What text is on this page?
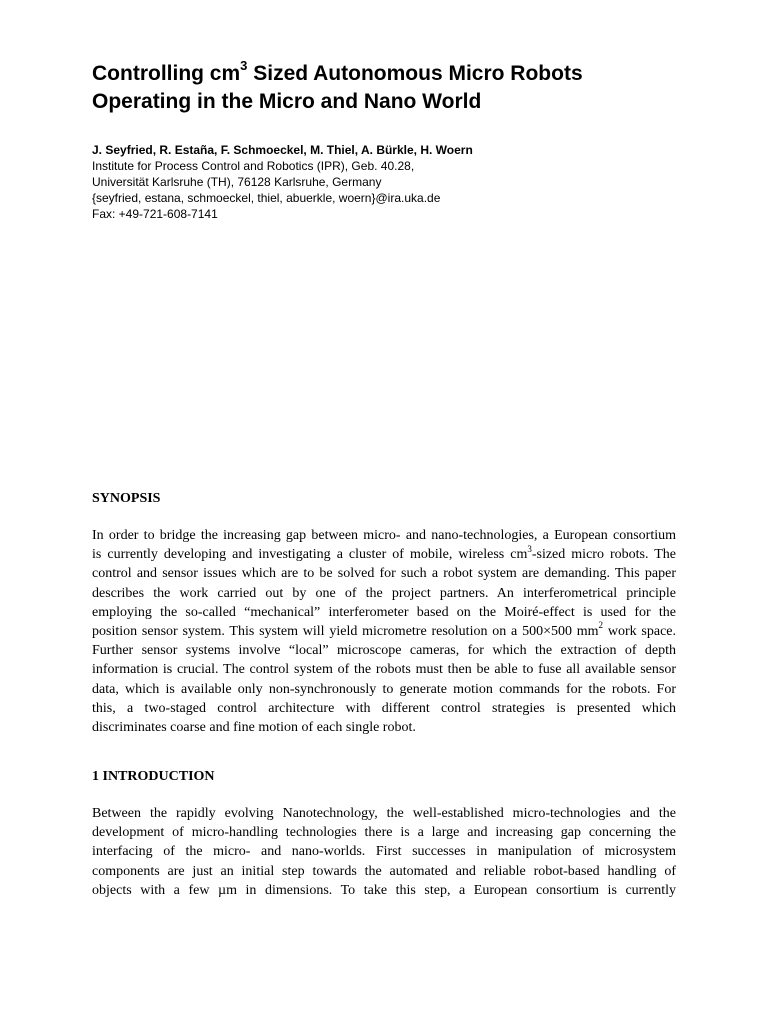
Controlling $cm^3$ Sized Autonomous Micro Robots
Operating in the Micro and Nano World
J. Seyfried, R. Estaña, F. Schmoeckel, M. Thiel, A. Bürkle, H. Woern
Institute for Process Control and Robotics (IPR), Geb. 40.28,
Universität Karlsruhe (TH), 76128 Karlsruhe, Germany
{seyfried, estana, schmoeckel, thiel, abuerkle, woern}@ira.uka.de
Fax: +49-721-608-7141
SYNOPSIS
In order to bridge the increasing gap between micro- and nano-technologies, a European consortium
is currently developing and investigating a cluster of mobile, wireless $cm^3$-sized micro robots. The
control and sensor issues which are to be solved for such a robot system are demanding. This paper
describes the work carried out by one of the project partners. An interferometrical principle
employing the so-called “mechanical” interferometer based on the Moiré-effect is used for the
position sensor system. This system will yield micrometre resolution on a 500×500 $mm^2$ work space.
Further sensor systems involve “local” microscope cameras, for which the extraction of depth
information is crucial. The control system of the robots must then be able to fuse all available sensor
data, which is available only non-synchronously to generate motion commands for the robots. For
this, a two-staged control architecture with different control strategies is presented which
discriminates coarse and fine motion of each single robot.
1 INTRODUCTION
Between the rapidly evolving Nanotechnology, the well-established micro-technologies and the
development of micro-handling technologies there is a large and increasing gap concerning the
interfacing of the micro- and nano-worlds. First successes in manipulation of microsystem
components are just an initial step towards the automated and reliable robot-based handling of
objects with a few µm in dimensions. To take this step, a European consortium is currently
